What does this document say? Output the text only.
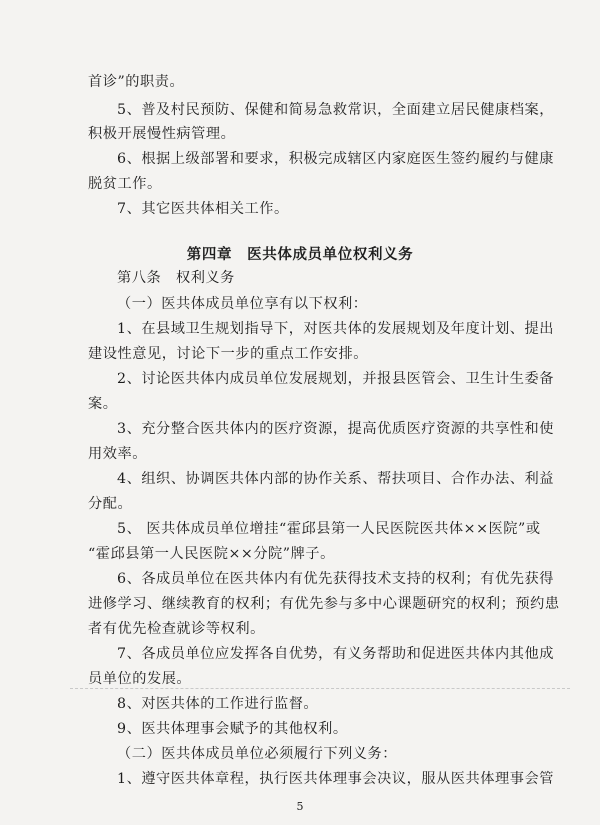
首诊”的职责。
5、普及村民预防、保健和简易急救常识，全面建立居民健康档案，
积极开展慢性病管理。
6、根据上级部署和要求，积极完成辖区内家庭医生签约履约与健康
脱贫工作。
7、其它医共体相关工作。
第四章　医共体成员单位权利义务
第八条　权利义务
（一）医共体成员单位享有以下权利：
1、在县域卫生规划指导下，对医共体的发展规划及年度计划、提出
建设性意见，讨论下一步的重点工作安排。
2、讨论医共体内成员单位发展规划，并报县医管会、卫生计生委备
案。
3、充分整合医共体内的医疗资源，提高优质医疗资源的共享性和使
用效率。
4、组织、协调医共体内部的协作关系、帮扶项目、合作办法、利益
分配。
5、 医共体成员单位增挂“霍邱县第一人民医院医共体××医院”或
“霍邱县第一人民医院××分院”牌子。
6、各成员单位在医共体内有优先获得技术支持的权利；有优先获得
进修学习、继续教育的权利；有优先参与多中心课题研究的权利；预约患
者有优先检查就诊等权利。
7、各成员单位应发挥各自优势，有义务帮助和促进医共体内其他成
员单位的发展。
8、对医共体的工作进行监督。
9、医共体理事会赋予的其他权利。
（二）医共体成员单位必须履行下列义务：
1、遵守医共体章程，执行医共体理事会决议，服从医共体理事会管
5
